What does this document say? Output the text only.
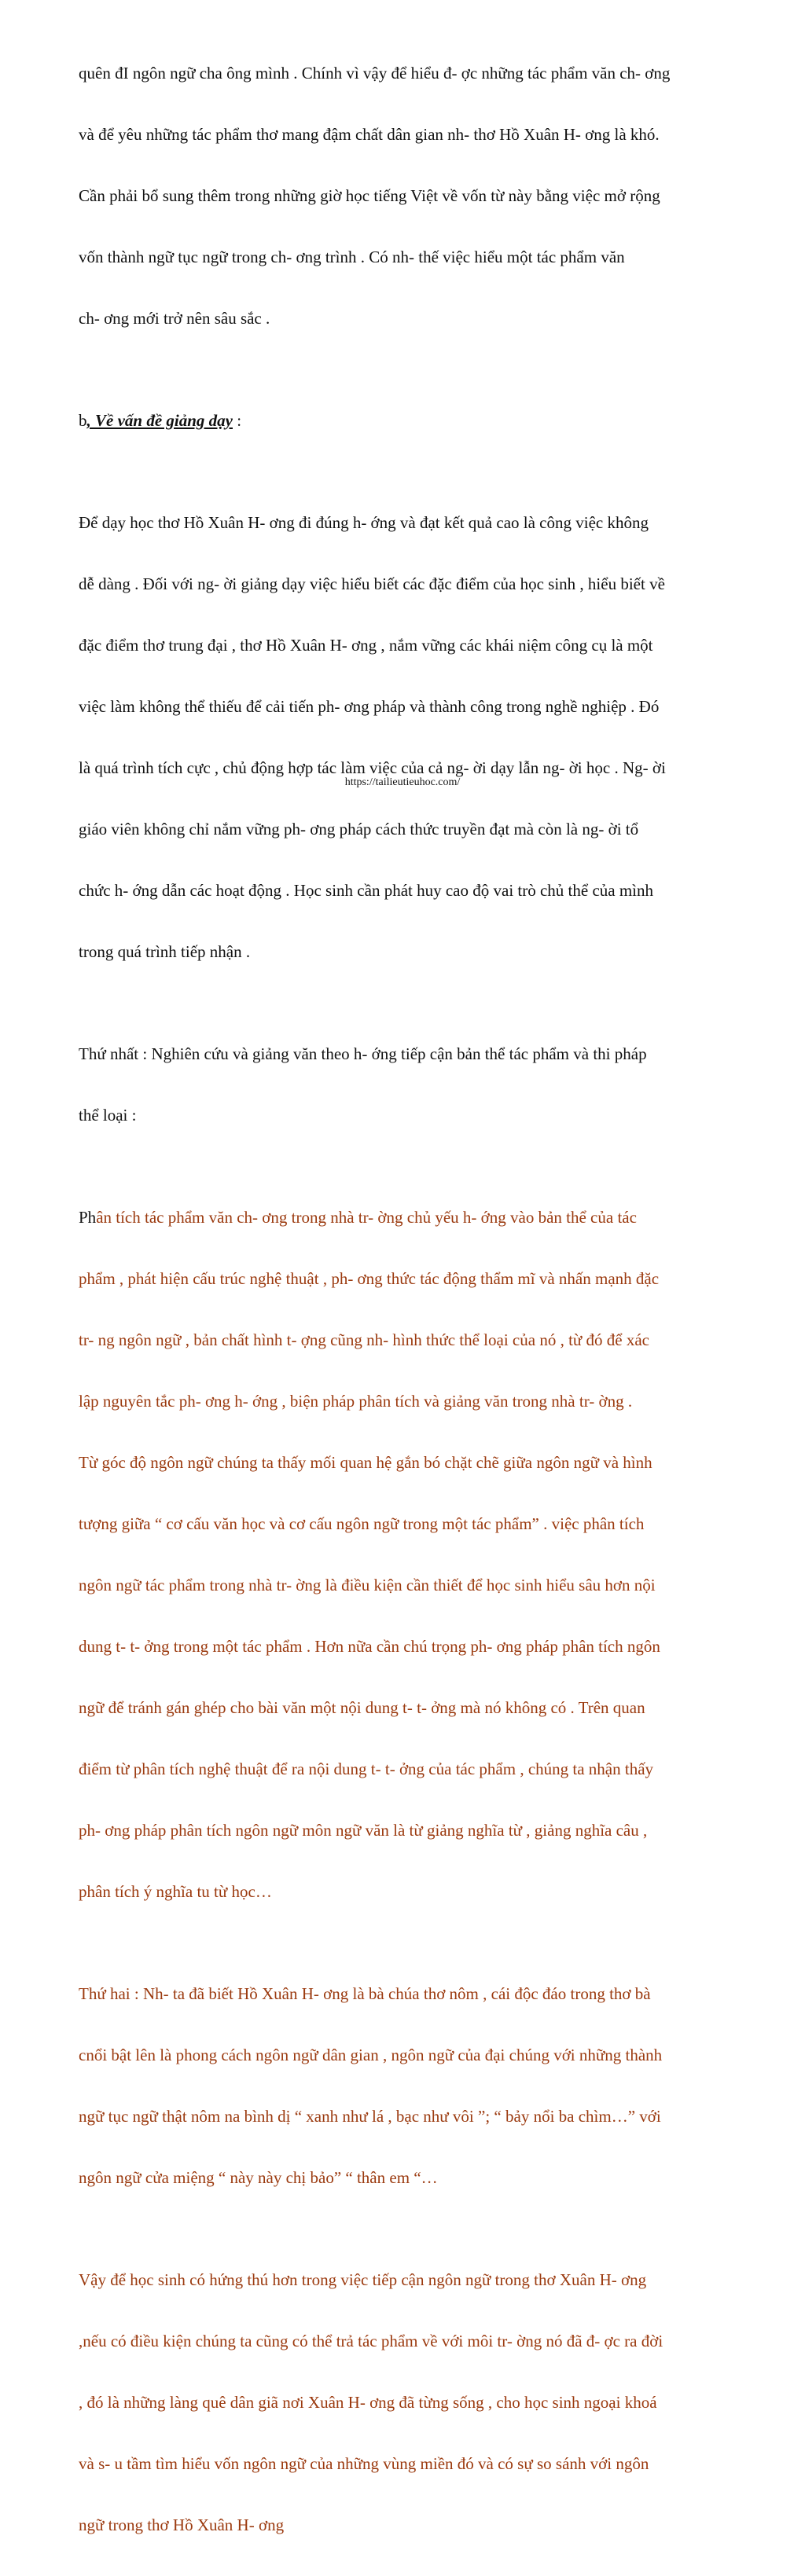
quên đI ngôn ngữ cha ông mình . Chính vì vậy để hiểu đ- ợc những tác phẩm văn ch- ơng

và để yêu những tác phẩm thơ mang đậm chất dân gian nh- thơ Hồ Xuân H- ơng là khó.

Cần phải bổ sung thêm trong những giờ học tiếng Việt về vốn từ này bằng việc mở rộng

vốn thành ngữ tục ngữ trong ch- ơng trình . Có nh- thế việc hiểu một tác phẩm văn

ch- ơng mới trở nên sâu sắc .

b, Về vấn đề giảng dạy :

Để dạy học thơ Hồ Xuân H- ơng đi đúng h- ớng và đạt kết quả cao là công việc không

dễ dàng . Đối với ng- ời giảng dạy việc hiểu biết các đặc điểm của học sinh , hiểu biết về

đặc điểm thơ trung đại , thơ Hồ Xuân H- ơng , nắm vững các khái niệm công cụ là một

việc làm không thể thiếu để cải tiến ph- ơng pháp và thành công trong nghề nghiệp . Đó

là quá trình tích cực , chủ động hợp tác làm việc của cả ng- ời dạy lẫn ng- ời học . Ng- ời

giáo viên không chỉ nắm vững ph- ơng pháp cách thức truyền đạt mà còn là ng- ời tổ

chức h- ớng dẫn các hoạt động . Học sinh cần phát huy cao độ vai trò chủ thể của mình

trong quá trình tiếp nhận .

Thứ nhất : Nghiên cứu và giảng văn theo h- ớng tiếp cận bản thể tác phẩm và thi pháp

thể loại :

Phân tích tác phẩm văn ch- ơng trong nhà tr- ờng chủ yếu h- ớng vào bản thể của tác

phẩm , phát hiện cấu trúc nghệ thuật , ph- ơng thức tác động thẩm mĩ và nhấn mạnh đặc

tr- ng ngôn ngữ , bản chất hình t- ợng cũng nh- hình thức thể loại của nó , từ đó để xác

lập nguyên tắc ph- ơng h- ớng , biện pháp phân tích và giảng văn trong nhà tr- ờng .

Từ góc độ ngôn ngữ chúng ta thấy mối quan hệ gắn bó chặt chẽ giữa ngôn ngữ và hình

tượng giữa “ cơ cấu văn học và cơ cấu ngôn ngữ trong một tác phẩm” . việc phân tích

ngôn ngữ tác phẩm trong nhà tr- ờng là điều kiện cần thiết để học sinh hiểu sâu hơn nội

dung t- t- ởng trong một tác phẩm . Hơn nữa cần chú trọng ph- ơng pháp phân tích ngôn

ngữ để tránh gán ghép cho bài văn một nội dung t- t- ởng mà nó không có . Trên quan

điểm từ phân tích nghệ thuật để ra nội dung t- t- ởng của tác phẩm , chúng ta nhận thấy

ph- ơng pháp phân tích ngôn ngữ môn ngữ văn là từ giảng nghĩa từ , giảng nghĩa câu ,

phân tích ý nghĩa tu từ học…

Thứ hai : Nh- ta đã biết Hồ Xuân H- ơng là bà chúa thơ nôm , cái độc đáo trong thơ bà

cnổi bật lên là phong cách ngôn ngữ dân gian , ngôn ngữ của đại chúng với những thành

ngữ tục ngữ thật nôm na bình dị “ xanh như lá , bạc như vôi ”; “ bảy nổi ba chìm…” với

ngôn ngữ cửa miệng “ này này chị bảo” “ thân em “…

Vậy để học sinh có hứng thú hơn trong việc tiếp cận ngôn ngữ trong thơ Xuân H- ơng

,nếu có điều kiện chúng ta cũng có thể trả tác phẩm về với môi tr- ờng nó đã đ- ợc ra đời

, đó là những làng quê dân giã nơi Xuân H- ơng đã từng sống , cho học sinh ngoại khoá

và s- u tầm tìm hiểu vốn ngôn ngữ của những vùng miền đó và có sự so sánh với ngôn

ngữ trong thơ Hồ Xuân H- ơng

https://tailieutieuhoc.com/
